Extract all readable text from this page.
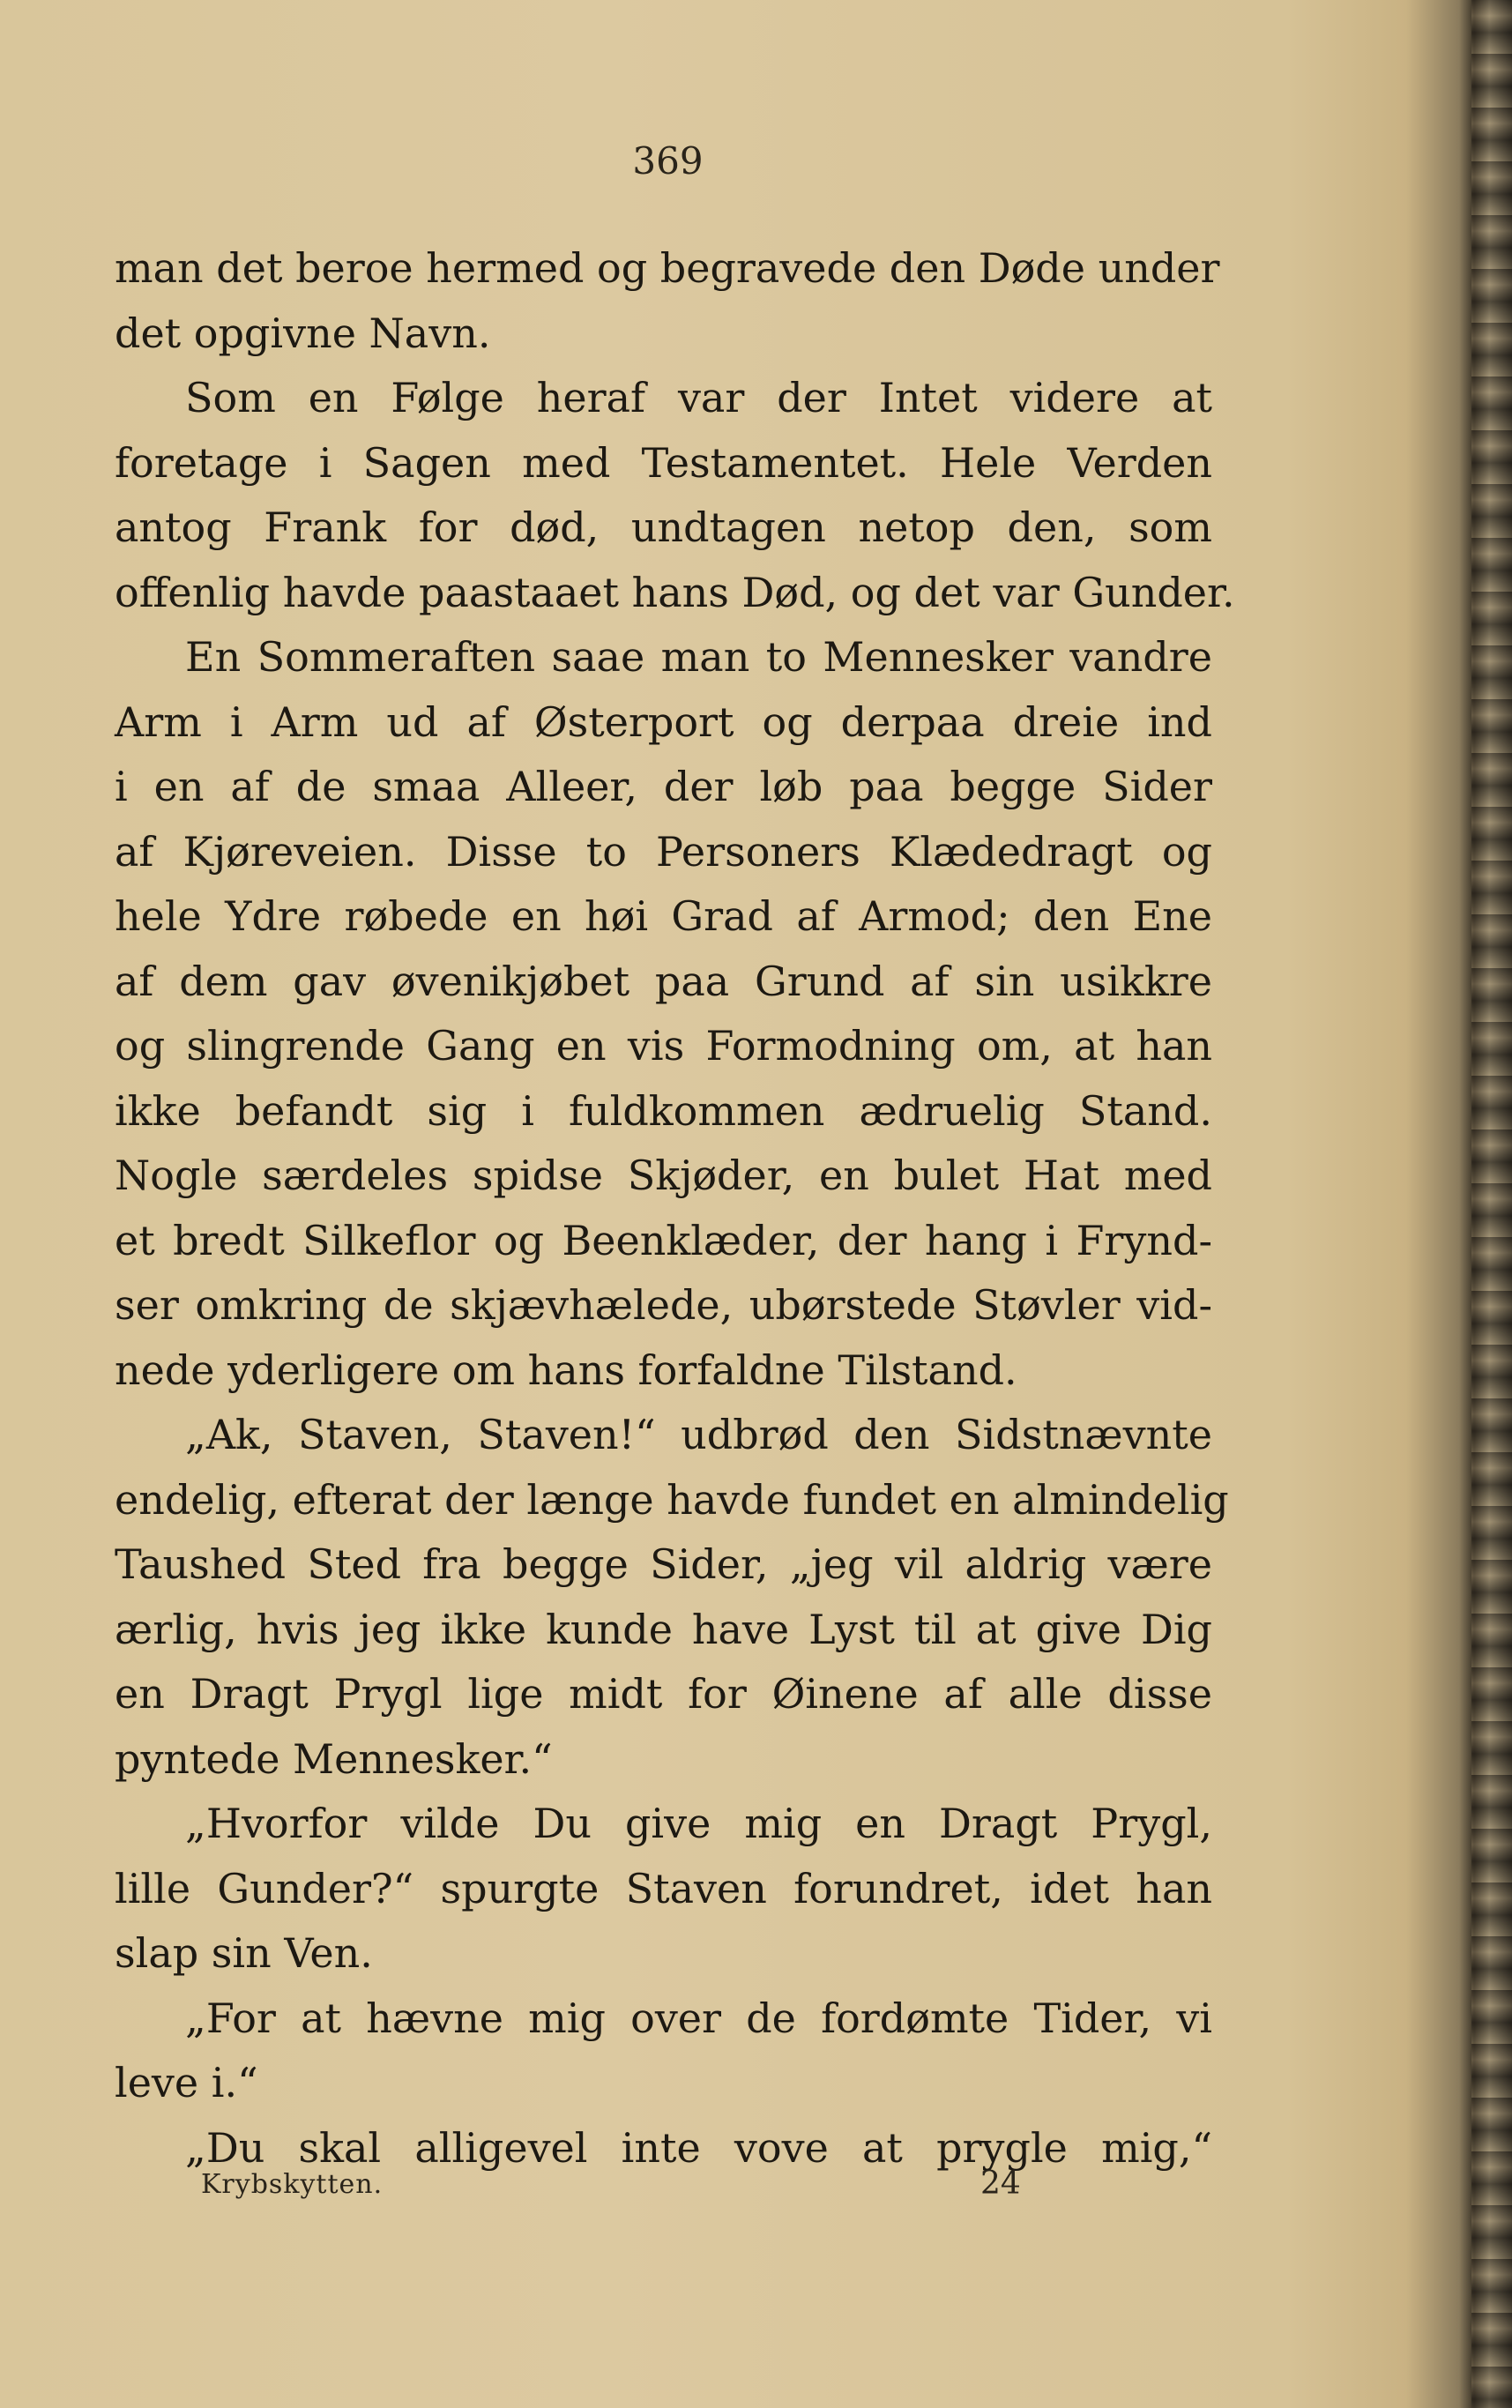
369
man det beroe hermed og begravede den Døde under
det opgivne Navn.
Som en Følge heraf var der Intet videre at
foretage i Sagen med Testamentet. Hele Verden
antog Frank for død, undtagen netop den, som
offenlig havde paastaaet hans Død, og det var Gunder.
En Sommeraften saae man to Mennesker vandre
Arm i Arm ud af Østerport og derpaa dreie ind
i en af de smaa Alleer, der løb paa begge Sider
af Kjøreveien. Disse to Personers Klædedragt og
hele Ydre røbede en høi Grad af Armod; den Ene
af dem gav øvenikjøbet paa Grund af sin usikkre
og slingrende Gang en vis Formodning om, at han
ikke befandt sig i fuldkommen ædruelig Stand.
Nogle særdeles spidse Skjøder, en bulet Hat med
et bredt Silkeflor og Beenklæder, der hang i Frynd-
ser omkring de skjævhælede, ubørstede Støvler vid-
nede yderligere om hans forfaldne Tilstand.
„Ak, Staven, Staven!“ udbrød den Sidstnævnte
endelig, efterat der længe havde fundet en almindelig
Taushed Sted fra begge Sider, „jeg vil aldrig være
ærlig, hvis jeg ikke kunde have Lyst til at give Dig
en Dragt Prygl lige midt for Øinene af alle disse
pyntede Mennesker.“
„Hvorfor vilde Du give mig en Dragt Prygl,
lille Gunder?“ spurgte Staven forundret, idet han
slap sin Ven.
„For at hævne mig over de fordømte Tider, vi
leve i.“
„Du skal alligevel inte vove at prygle mig,“
Krybskytten.	24
